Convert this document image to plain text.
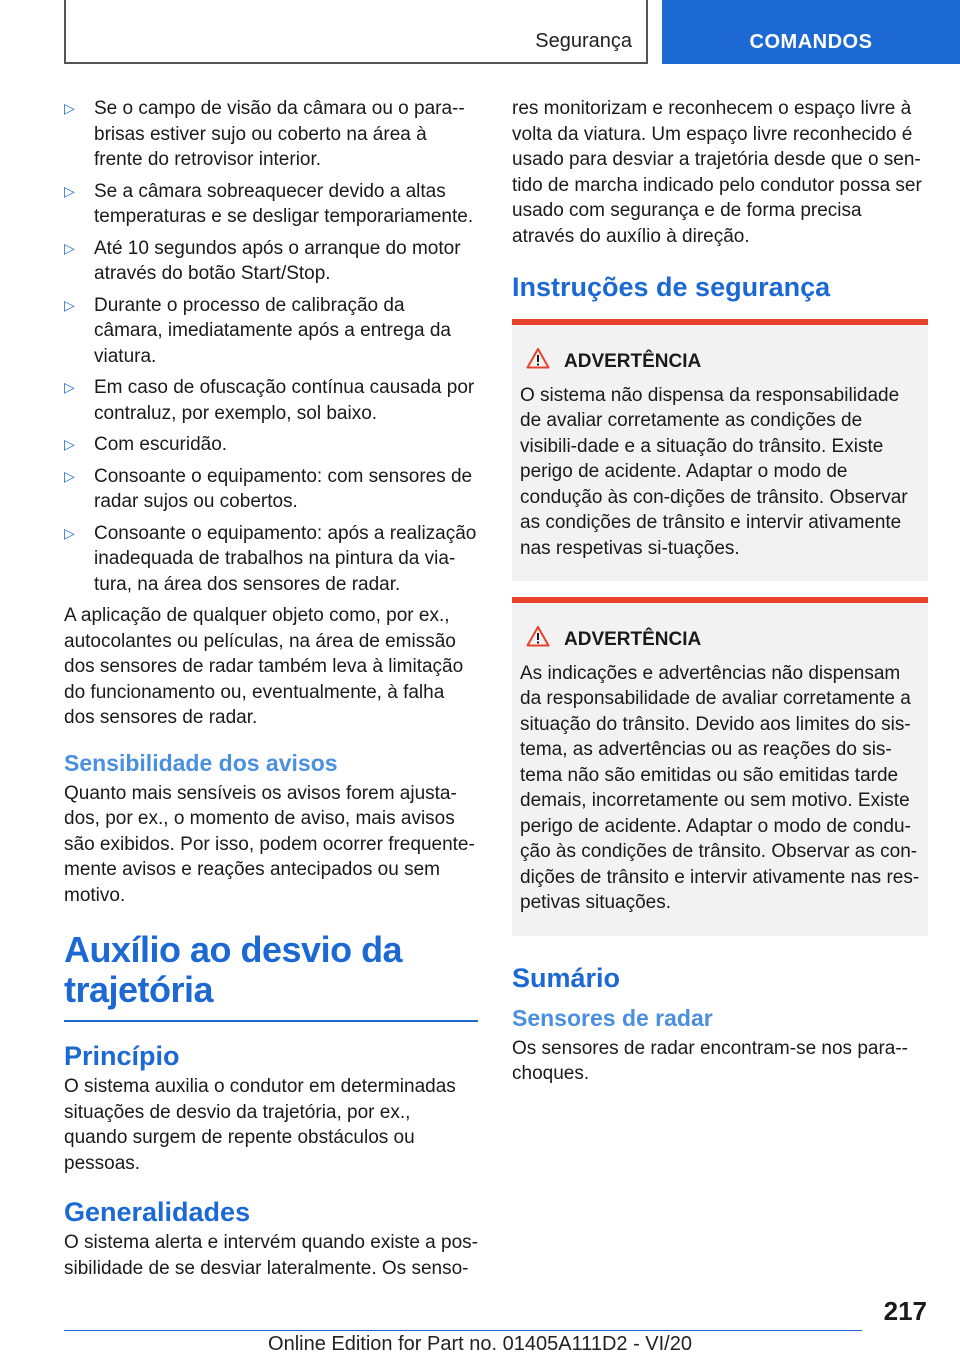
Segurança	COMANDOS
▷ Se o campo de visão da câmara ou o para--brisas estiver sujo ou coberto na área à frente do retrovisor interior.
▷ Se a câmara sobreaquecer devido a altas temperaturas e se desligar temporariamente.
▷ Até 10 segundos após o arranque do motor através do botão Start/Stop.
▷ Durante o processo de calibração da câmara, imediatamente após a entrega da viatura.
▷ Em caso de ofuscação contínua causada por contraluz, por exemplo, sol baixo.
▷ Com escuridão.
▷ Consoante o equipamento: com sensores de radar sujos ou cobertos.
▷ Consoante o equipamento: após a realização inadequada de trabalhos na pintura da via-tura, na área dos sensores de radar.

A aplicação de qualquer objeto como, por ex., autocolantes ou películas, na área de emissão dos sensores de radar também leva à limitação do funcionamento ou, eventualmente, à falha dos sensores de radar.

Sensibilidade dos avisos

Quanto mais sensíveis os avisos forem ajusta-dos, por ex., o momento de aviso, mais avisos são exibidos. Por isso, podem ocorrer frequente-mente avisos e reações antecipados ou sem motivo.

Auxílio ao desvio da trajetória
Princípio

O sistema auxilia o condutor em determinadas situações de desvio da trajetória, por ex., quando surgem de repente obstáculos ou pessoas.

Generalidades

O sistema alerta e intervém quando existe a pos-sibilidade de se desviar lateralmente. Os senso-

res monitorizam e reconhecem o espaço livre à volta da viatura. Um espaço livre reconhecido é usado para desviar a trajetória desde que o sen-tido de marcha indicado pelo condutor possa ser usado com segurança e de forma precisa através do auxílio à direção.

Instruções de segurança
ADVERTÊNCIA

O sistema não dispensa da responsabilidade de avaliar corretamente as condições de visibili-dade e a situação do trânsito. Existe perigo de acidente. Adaptar o modo de condução às con-dições de trânsito. Observar as condições de trânsito e intervir ativamente nas respetivas si-tuações.

ADVERTÊNCIA

As indicações e advertências não dispensam da responsabilidade de avaliar corretamente a situação do trânsito. Devido aos limites do sis-tema, as advertências ou as reações do sis-tema não são emitidas ou são emitidas tarde demais, incorretamente ou sem motivo. Existe perigo de acidente. Adaptar o modo de condu-ção às condições de trânsito. Observar as con-dições de trânsito e intervir ativamente nas res-petivas situações.

Sumário
Sensores de radar

Os sensores de radar encontram-se nos para--choques.

217
Online Edition for Part no. 01405A111D2 - VI/20
